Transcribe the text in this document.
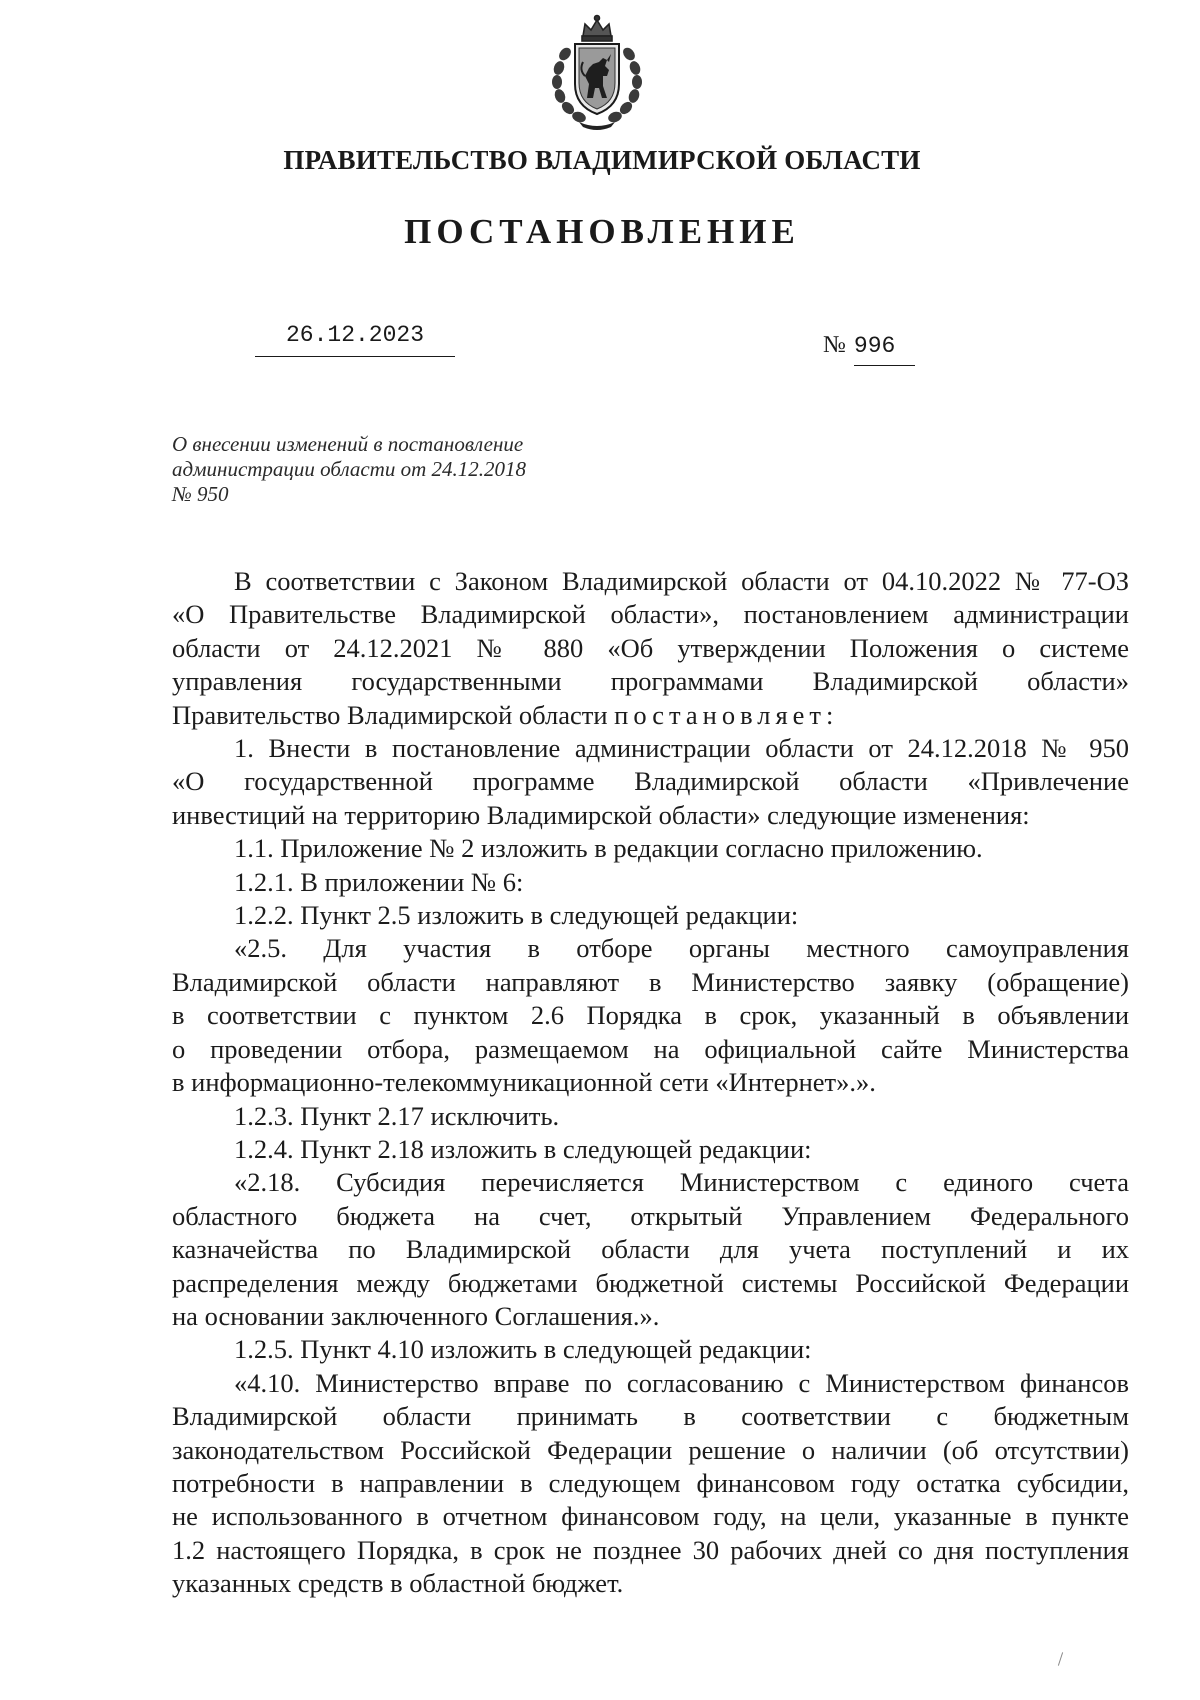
ПРАВИТЕЛЬСТВО ВЛАДИМИРСКОЙ ОБЛАСТИ
ПОСТАНОВЛЕНИЕ
26.12.2023	№ 996
О внесении изменений в постановление
администрации области от 24.12.2018
№ 950
В соответствии с Законом Владимирской области от 04.10.2022 № 77-ОЗ
«О Правительстве Владимирской области», постановлением администрации
области от 24.12.2021 № 880 «Об утверждении Положения о системе
управления государственными программами Владимирской области»
Правительство Владимирской области постановляет:
1. Внести в постановление администрации области от 24.12.2018 № 950
«О государственной программе Владимирской области «Привлечение
инвестиций на территорию Владимирской области» следующие изменения:
1.1. Приложение № 2 изложить в редакции согласно приложению.
1.2.1. В приложении № 6:
1.2.2. Пункт 2.5 изложить в следующей редакции:
«2.5. Для участия в отборе органы местного самоуправления
Владимирской области направляют в Министерство заявку (обращение)
в соответствии с пунктом 2.6 Порядка в срок, указанный в объявлении
о проведении отбора, размещаемом на официальной сайте Министерства
в информационно-телекоммуникационной сети «Интернет».».
1.2.3. Пункт 2.17 исключить.
1.2.4. Пункт 2.18 изложить в следующей редакции:
«2.18. Субсидия перечисляется Министерством с единого счета
областного бюджета на счет, открытый Управлением Федерального
казначейства по Владимирской области для учета поступлений и их
распределения между бюджетами бюджетной системы Российской Федерации
на основании заключенного Соглашения.».
1.2.5. Пункт 4.10 изложить в следующей редакции:
«4.10. Министерство вправе по согласованию с Министерством финансов
Владимирской области принимать в соответствии с бюджетным
законодательством Российской Федерации решение о наличии (об отсутствии)
потребности в направлении в следующем финансовом году остатка субсидии,
не использованного в отчетном финансовом году, на цели, указанные в пункте
1.2 настоящего Порядка, в срок не позднее 30 рабочих дней со дня поступления
указанных средств в областной бюджет.
